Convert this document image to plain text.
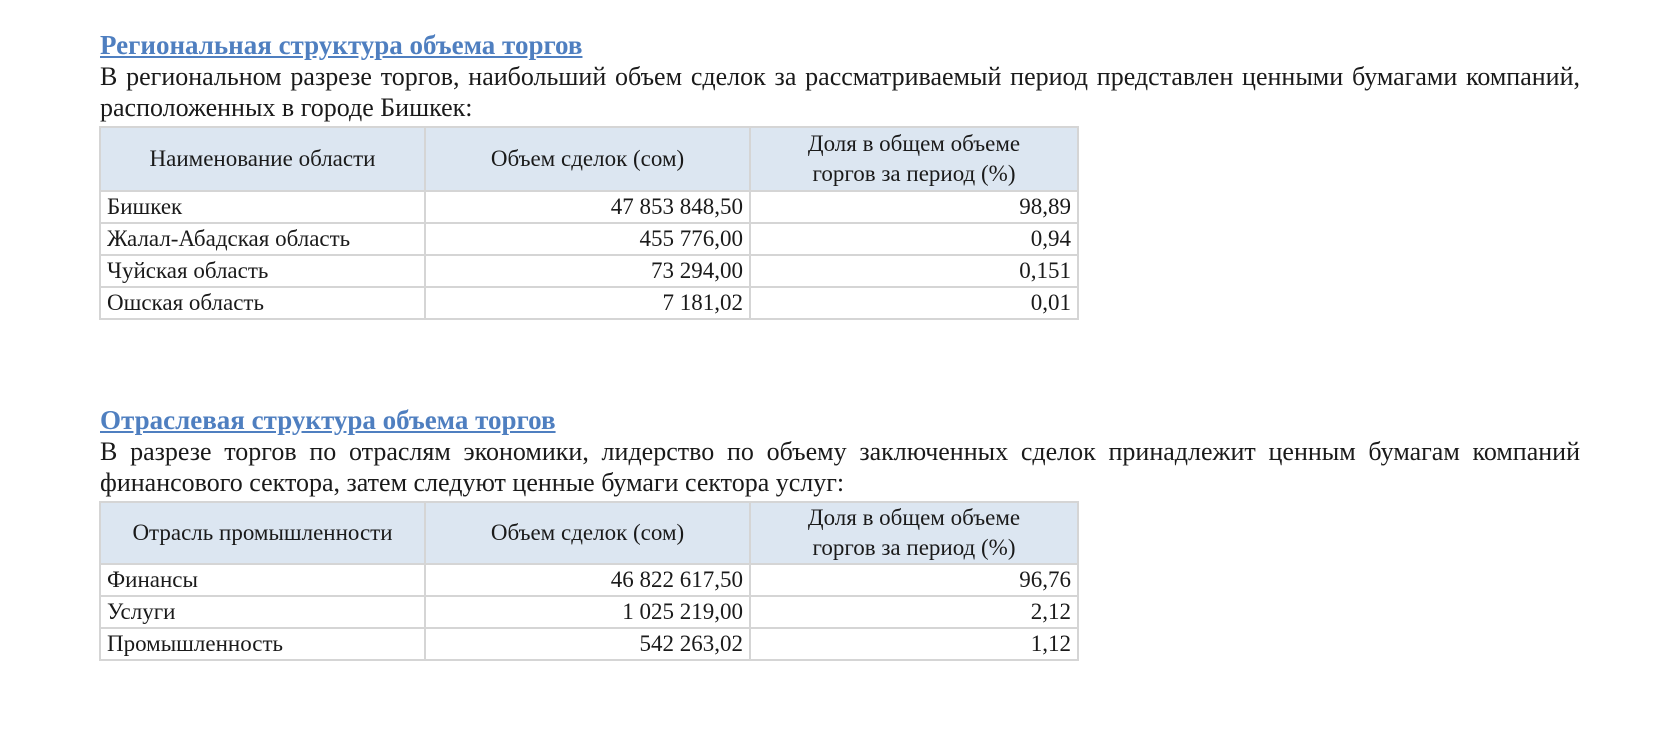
Региональная структура объема торгов

В региональном разрезе торгов, наибольший объем сделок за рассматриваемый период представлен ценными бумагами компаний, расположенных в городе Бишкек:

Наименование области	Объем сделок (сом)	Доля в общем объеме
горгов за период (%)

Бишкек	47 853 848,50	98,89
Жалал-Абадская область	455 776,00	0,94
Чуйская область	73 294,00	0,151
Ошская область	7 181,02	0,01
Отраслевая структура объема торгов

В разрезе торгов по отраслям экономики, лидерство по объему заключенных сделок принадлежит ценным бумагам компаний финансового сектора, затем следуют ценные бумаги сектора услуг:

Отрасль промышленности	Объем сделок (сом)	Доля в общем объеме
горгов за период (%)

Финансы	46 822 617,50	96,76
Услуги	1 025 219,00	2,12
Промышленность	542 263,02	1,12
